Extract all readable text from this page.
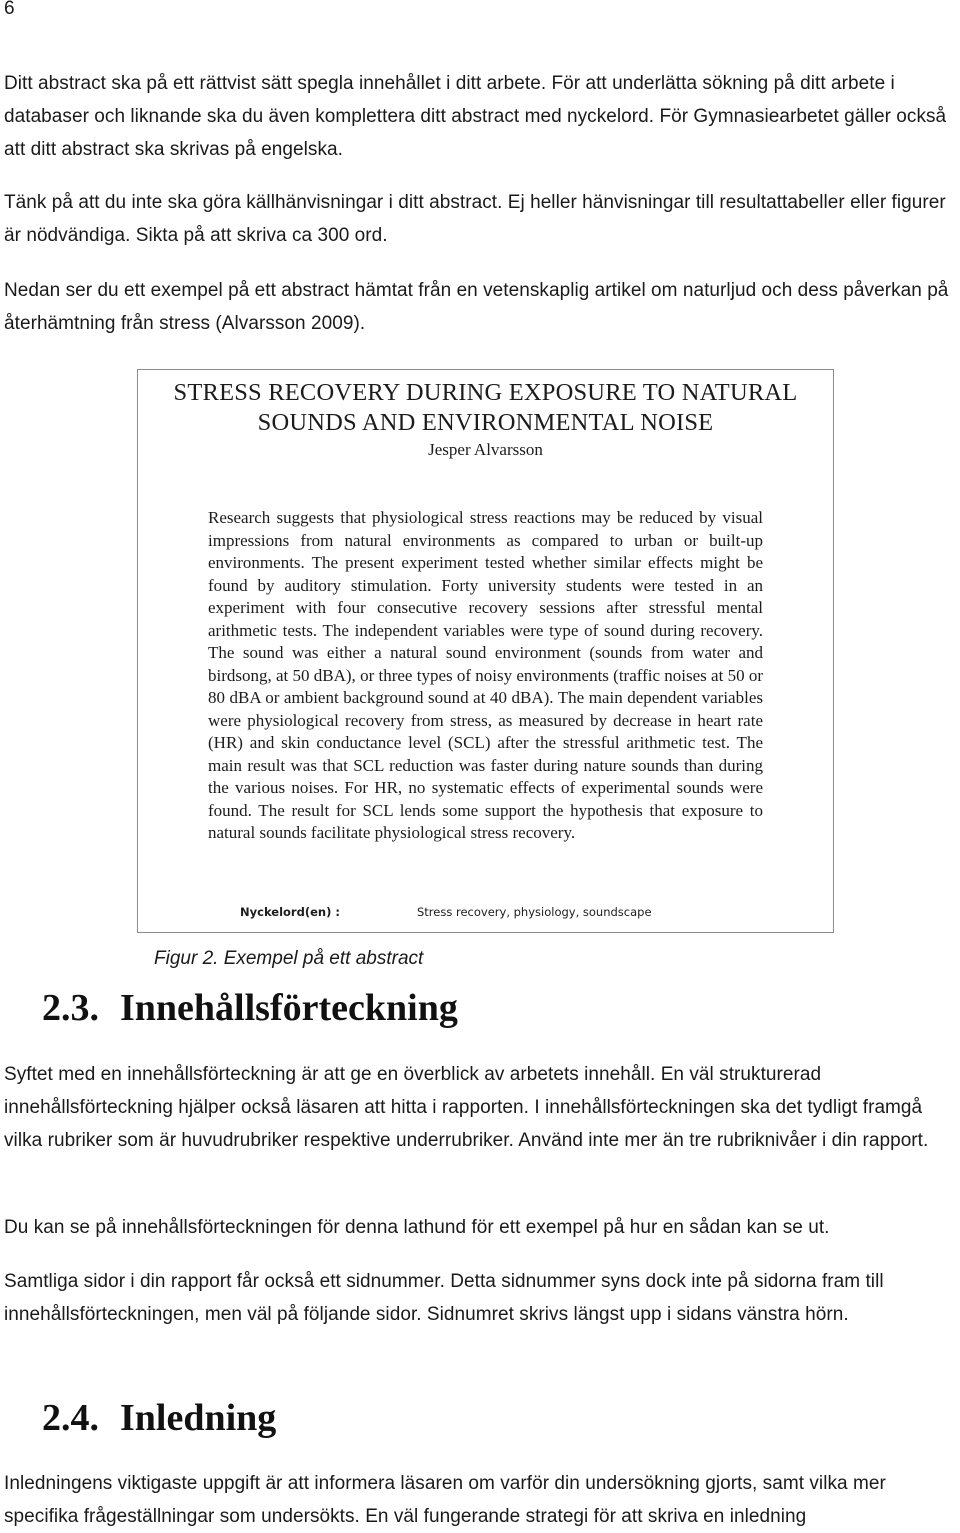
6

Ditt abstract ska på ett rättvist sätt spegla innehållet i ditt arbete. För att underlätta sökning på ditt arbete i databaser och liknande ska du även komplettera ditt abstract med nyckelord. För Gymnasiearbetet gäller också att ditt abstract ska skrivas på engelska.

Tänk på att du inte ska göra källhänvisningar i ditt abstract. Ej heller hänvisningar till resultattabeller eller figurer är nödvändiga. Sikta på att skriva ca 300 ord.

Nedan ser du ett exempel på ett abstract hämtat från en vetenskaplig artikel om naturljud och dess påverkan på återhämtning från stress (Alvarsson 2009).

STRESS RECOVERY DURING EXPOSURE TO NATURAL
SOUNDS AND ENVIRONMENTAL NOISE
Jesper Alvarsson

Research suggests that physiological stress reactions may be reduced by visual impressions from natural environments as compared to urban or built-up environments. The present experiment tested whether similar effects might be found by auditory stimulation. Forty university students were tested in an experiment with four consecutive recovery sessions after stressful mental arithmetic tests. The independent variables were type of sound during recovery. The sound was either a natural sound environment (sounds from water and birdsong, at 50 dBA), or three types of noisy environments (traffic noises at 50 or 80 dBA or ambient background sound at 40 dBA). The main dependent variables were physiological recovery from stress, as measured by decrease in heart rate (HR) and skin conductance level (SCL) after the stressful arithmetic test. The main result was that SCL reduction was faster during nature sounds than during the various noises. For HR, no systematic effects of experimental sounds were found. The result for SCL lends some support the hypothesis that exposure to natural sounds facilitate physiological stress recovery.

Nyckelord(en) :	Stress recovery, physiology, soundscape
Figur 2. Exempel på ett abstract
2.3. Innehållsförteckning

Syftet med en innehållsförteckning är att ge en överblick av arbetets innehåll. En väl strukturerad innehållsförteckning hjälper också läsaren att hitta i rapporten. I innehållsförteckningen ska det tydligt framgå vilka rubriker som är huvudrubriker respektive underrubriker. Använd inte mer än tre rubriknivåer i din rapport.

Du kan se på innehållsförteckningen för denna lathund för ett exempel på hur en sådan kan se ut.

Samtliga sidor i din rapport får också ett sidnummer. Detta sidnummer syns dock inte på sidorna fram till innehållsförteckningen, men väl på följande sidor. Sidnumret skrivs längst upp i sidans vänstra hörn.

2.4. Inledning

Inledningens viktigaste uppgift är att informera läsaren om varför din undersökning gjorts, samt vilka mer specifika frågeställningar som undersökts. En väl fungerande strategi för att skriva en inledning
